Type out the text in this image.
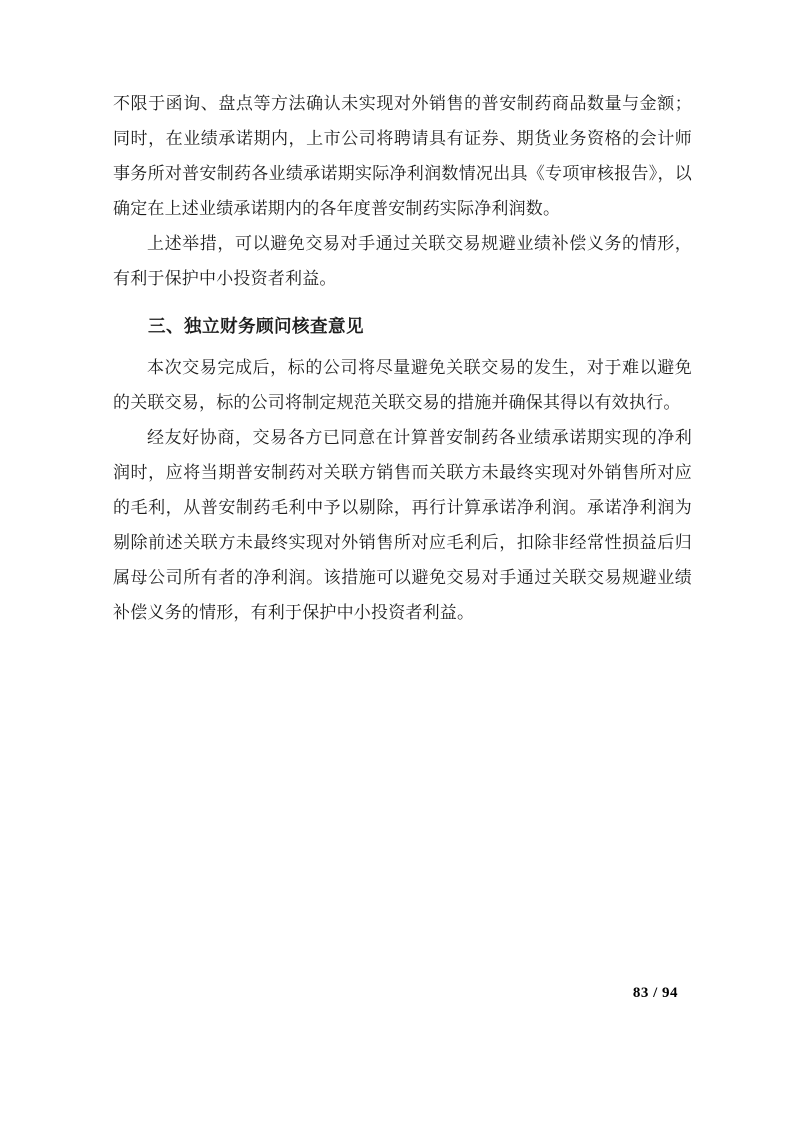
不限于函询、盘点等方法确认未实现对外销售的普安制药商品数量与金额；同时，在业绩承诺期内，上市公司将聘请具有证券、期货业务资格的会计师事务所对普安制药各业绩承诺期实际净利润数情况出具《专项审核报告》，以确定在上述业绩承诺期内的各年度普安制药实际净利润数。

上述举措，可以避免交易对手通过关联交易规避业绩补偿义务的情形，有利于保护中小投资者利益。

三、独立财务顾问核查意见

本次交易完成后，标的公司将尽量避免关联交易的发生，对于难以避免的关联交易，标的公司将制定规范关联交易的措施并确保其得以有效执行。

经友好协商，交易各方已同意在计算普安制药各业绩承诺期实现的净利润时，应将当期普安制药对关联方销售而关联方未最终实现对外销售所对应的毛利，从普安制药毛利中予以剔除，再行计算承诺净利润。承诺净利润为剔除前述关联方未最终实现对外销售所对应毛利后，扣除非经常性损益后归属母公司所有者的净利润。该措施可以避免交易对手通过关联交易规避业绩补偿义务的情形，有利于保护中小投资者利益。

83 / 94
